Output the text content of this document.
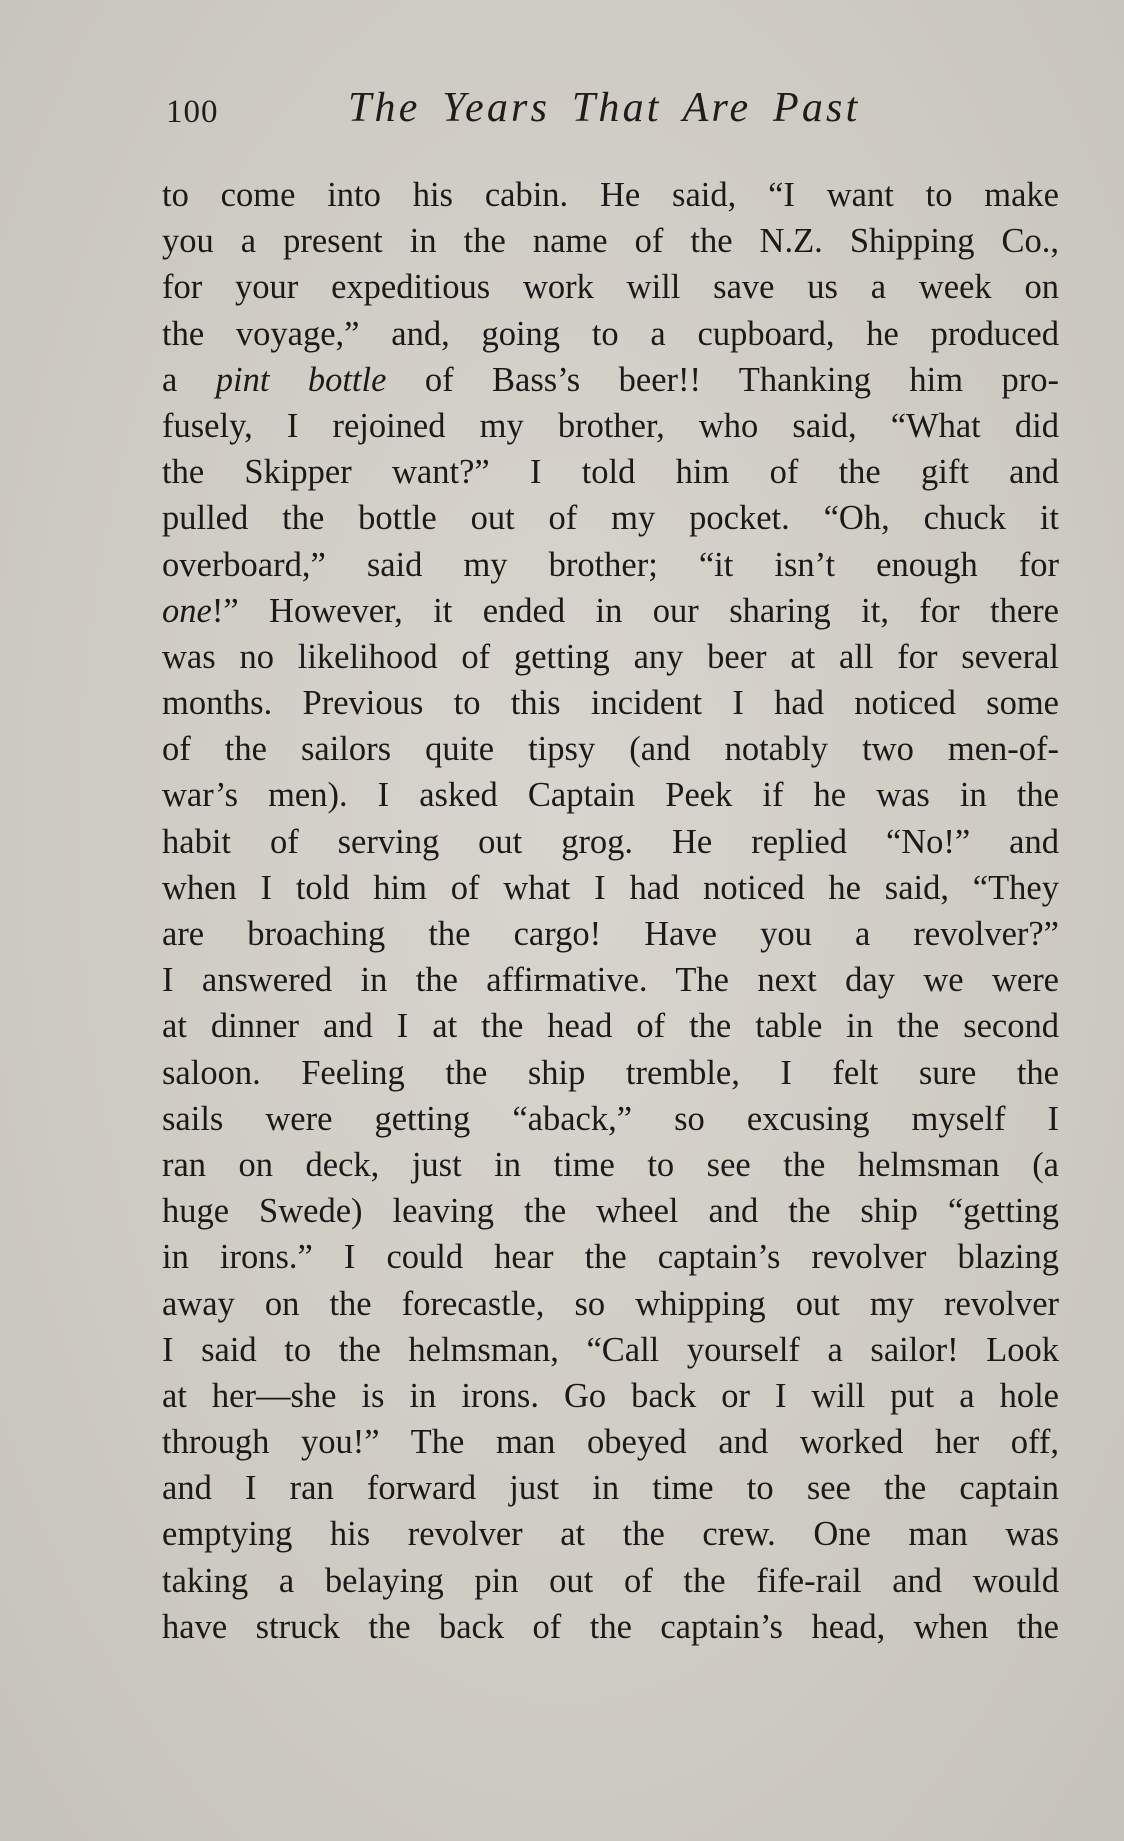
100	The Years That Are Past
to come into his cabin. He said, “I want to make
you a present in the name of the N.Z. Shipping Co.,
for your expeditious work will save us a week on
the voyage,” and, going to a cupboard, he produced
a pint bottle of Bass’s beer!! Thanking him pro-
fusely, I rejoined my brother, who said, “What did
the Skipper want?” I told him of the gift and
pulled the bottle out of my pocket. “Oh, chuck it
overboard,” said my brother; “it isn’t enough for
one!” However, it ended in our sharing it, for there
was no likelihood of getting any beer at all for several
months. Previous to this incident I had noticed some
of the sailors quite tipsy (and notably two men-of-
war’s men). I asked Captain Peek if he was in the
habit of serving out grog. He replied “No!” and
when I told him of what I had noticed he said, “They
are broaching the cargo! Have you a revolver?”
I answered in the affirmative. The next day we were
at dinner and I at the head of the table in the second
saloon. Feeling the ship tremble, I felt sure the
sails were getting “aback,” so excusing myself I
ran on deck, just in time to see the helmsman (a
huge Swede) leaving the wheel and the ship “getting
in irons.” I could hear the captain’s revolver blazing
away on the forecastle, so whipping out my revolver
I said to the helmsman, “Call yourself a sailor! Look
at her—she is in irons. Go back or I will put a hole
through you!” The man obeyed and worked her off,
and I ran forward just in time to see the captain
emptying his revolver at the crew. One man was
taking a belaying pin out of the fife-rail and would
have struck the back of the captain’s head, when the
